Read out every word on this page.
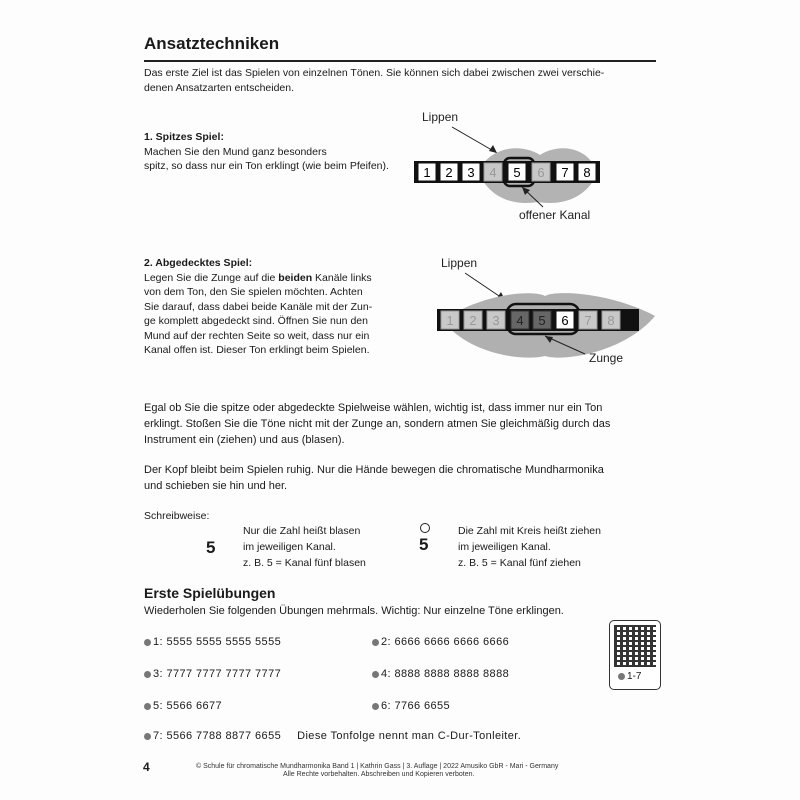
Ansatztechniken
Das erste Ziel ist das Spielen von einzelnen Tönen. Sie können sich dabei zwischen zwei verschie-
denen Ansatzarten entscheiden.
1. Spitzes Spiel:
Machen Sie den Mund ganz besonders
spitz, so dass nur ein Ton erklingt (wie beim Pfeifen).
Lippen
1 2 3 4 5 6 7 8
offener Kanal
2. Abgedecktes Spiel:
Legen Sie die Zunge auf die beiden Kanäle links
von dem Ton, den Sie spielen möchten. Achten
Sie darauf, dass dabei beide Kanäle mit der Zun-
ge komplett abgedeckt sind. Öffnen Sie nun den
Mund auf der rechten Seite so weit, dass nur ein
Kanal offen ist. Dieser Ton erklingt beim Spielen.
Lippen
1 2 3 4 5 6 7 8
Zunge
Egal ob Sie die spitze oder abgedeckte Spielweise wählen, wichtig ist, dass immer nur ein Ton
erklingt. Stoßen Sie die Töne nicht mit der Zunge an, sondern atmen Sie gleichmäßig durch das
Instrument ein (ziehen) und aus (blasen).
Der Kopf bleibt beim Spielen ruhig. Nur die Hände bewegen die chromatische Mundharmonika
und schieben sie hin und her.
Schreibweise:
5
Nur die Zahl heißt blasen
im jeweiligen Kanal.
z. B. 5 = Kanal fünf blasen
5
Die Zahl mit Kreis heißt ziehen
im jeweiligen Kanal.
z. B. 5 = Kanal fünf ziehen
Erste Spielübungen
Wiederholen Sie folgenden Übungen mehrmals. Wichtig: Nur einzelne Töne erklingen.
1: 5555 5555 5555 5555	2: 6666 6666 6666 6666
3: 7777 7777 7777 7777	4: 8888 8888 8888 8888
5: 5566 6677	6: 7766 6655
7: 5566 7788 8877 6655 Diese Tonfolge nennt man C-Dur-Tonleiter.
1-7
4	© Schule für chromatische Mundharmonika Band 1 | Kathrin Gass | 3. Auflage | 2022 Amusiko GbR - Mari - Germany
Alle Rechte vorbehalten. Abschreiben und Kopieren verboten.
